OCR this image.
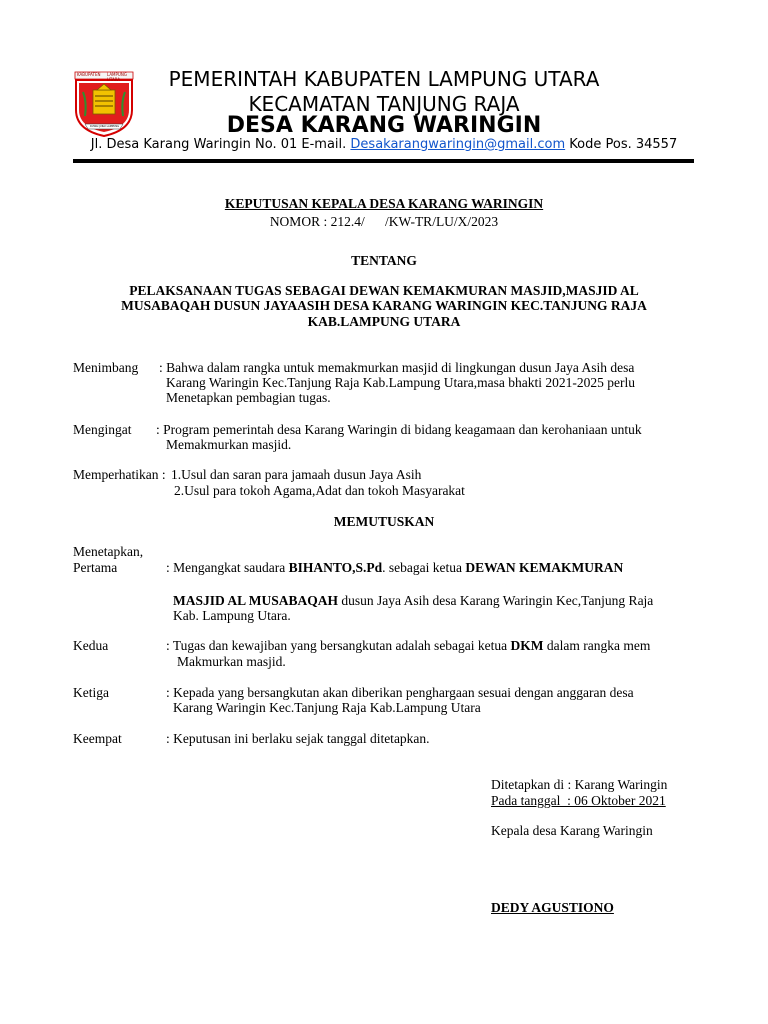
KABUPATEN LAMPUNG UTARA
RUWAI JURAI LAMPUNG
PEMERINTAH KABUPATEN LAMPUNG UTARA
KECAMATAN TANJUNG RAJA
DESA KARANG WARINGIN
Jl. Desa Karang Waringin No. 01 E-mail. Desakarangwaringin@gmail.com Kode Pos. 34557
KEPUTUSAN KEPALA DESA KARANG WARINGIN
NOMOR : 212.4/      /KW-TR/LU/X/2023
TENTANG
PELAKSANAAN TUGAS SEBAGAI DEWAN KEMAKMURAN MASJID,MASJID AL
MUSABAQAH DUSUN JAYAASIH DESA KARANG WARINGIN KEC.TANJUNG RAJA
KAB.LAMPUNG UTARA
Menimbang : Bahwa dalam rangka untuk memakmurkan masjid di lingkungan dusun Jaya Asih desa
Karang Waringin Kec.Tanjung Raja Kab.Lampung Utara,masa bhakti 2021-2025 perlu
Menetapkan pembagian tugas.
Mengingat : Program pemerintah desa Karang Waringin di bidang keagamaan dan kerohaniaan untuk
Memakmurkan masjid.
Memperhatikan : 1.Usul dan saran para jamaah dusun Jaya Asih
2.Usul para tokoh Agama,Adat dan tokoh Masyarakat
MEMUTUSKAN
Menetapkan,
Pertama	: Mengangkat saudara BIHANTO,S.Pd. sebagai ketua DEWAN KEMAKMURAN
MASJID AL MUSABAQAH dusun Jaya Asih desa Karang Waringin Kec,Tanjung Raja
Kab. Lampung Utara.
Kedua	: Tugas dan kewajiban yang bersangkutan adalah sebagai ketua DKM dalam rangka mem
Makmurkan masjid.
Ketiga	: Kepada yang bersangkutan akan diberikan penghargaan sesuai dengan anggaran desa
Karang Waringin Kec.Tanjung Raja Kab.Lampung Utara
Keempat	: Keputusan ini berlaku sejak tanggal ditetapkan.
Ditetapkan di : Karang Waringin
Pada tanggal  : 06 Oktober 2021
Kepala desa Karang Waringin
DEDY AGUSTIONO
